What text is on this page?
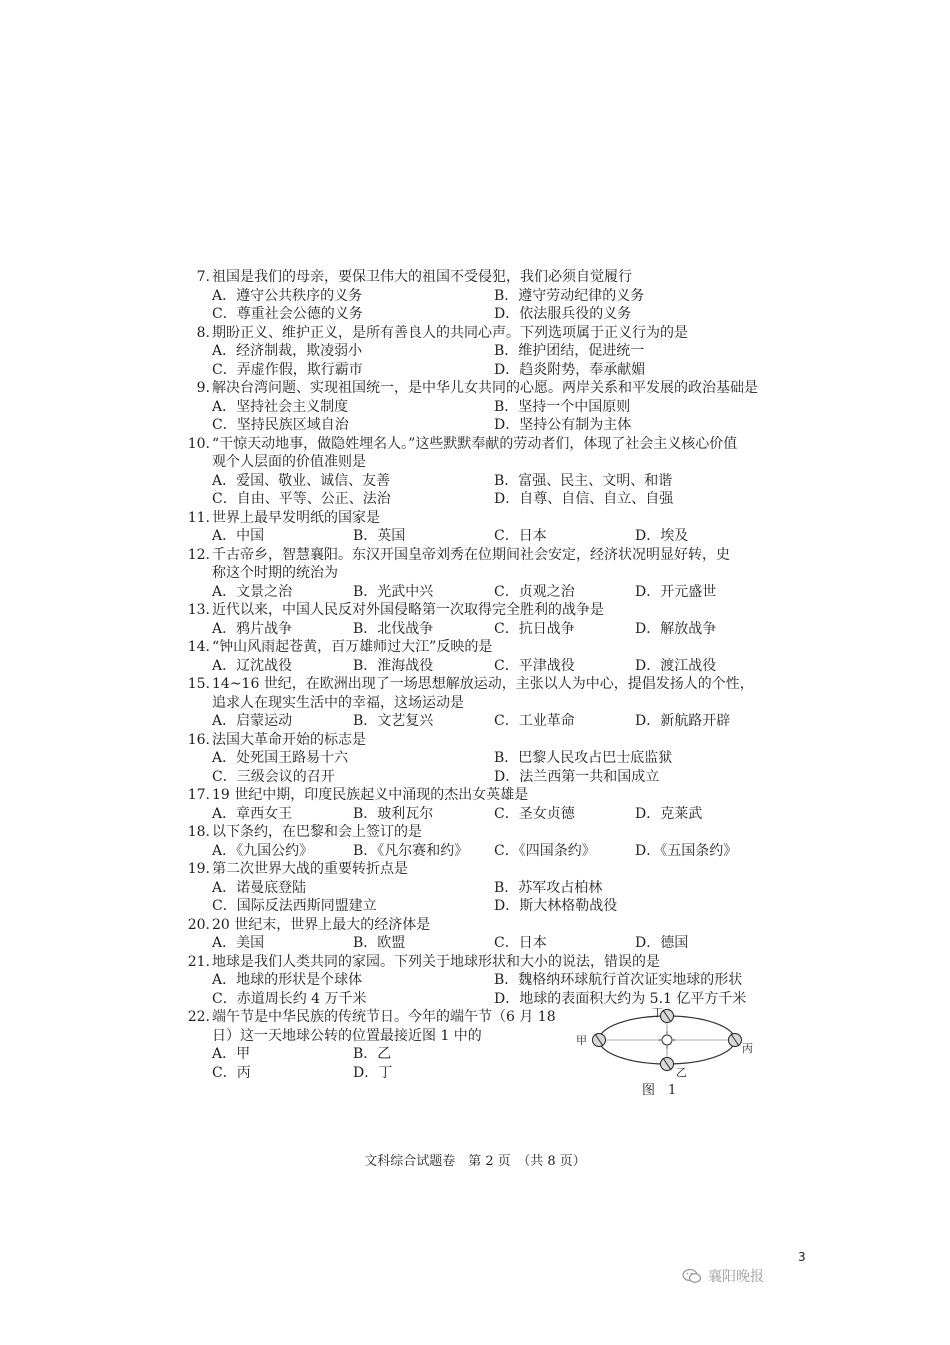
7. 祖国是我们的母亲，要保卫伟大的祖国不受侵犯，我们必须自觉履行
A．遵守公共秩序的义务	B．遵守劳动纪律的义务
C．尊重社会公德的义务	D．依法服兵役的义务
8. 期盼正义、维护正义，是所有善良人的共同心声。下列选项属于正义行为的是
A．经济制裁，欺凌弱小	B．维护团结，促进统一
C．弄虚作假，欺行霸市	D．趋炎附势，奉承献媚
9. 解决台湾问题、实现祖国统一，是中华儿女共同的心愿。两岸关系和平发展的政治基础是
A．坚持社会主义制度	B．坚持一个中国原则
C．坚持民族区域自治	D．坚持公有制为主体
10. “干惊天动地事，做隐姓埋名人。”这些默默奉献的劳动者们，体现了社会主义核心价值
观个人层面的价值准则是
A．爱国、敬业、诚信、友善	B．富强、民主、文明、和谐
C．自由、平等、公正、法治	D．自尊、自信、自立、自强
11. 世界上最早发明纸的国家是
A．中国	B．英国	C．日本	D．埃及
12. 千古帝乡，智慧襄阳。东汉开国皇帝刘秀在位期间社会安定，经济状况明显好转，史
称这个时期的统治为
A．文景之治	B．光武中兴	C．贞观之治	D．开元盛世
13. 近代以来，中国人民反对外国侵略第一次取得完全胜利的战争是
A．鸦片战争	B．北伐战争	C．抗日战争	D．解放战争
14. “钟山风雨起苍黄，百万雄师过大江”反映的是
A．辽沈战役	B．淮海战役	C．平津战役	D．渡江战役
15. 14~16 世纪，在欧洲出现了一场思想解放运动，主张以人为中心，提倡发扬人的个性，
追求人在现实生活中的幸福，这场运动是
A．启蒙运动	B．文艺复兴	C．工业革命	D．新航路开辟
16. 法国大革命开始的标志是
A．处死国王路易十六	B．巴黎人民攻占巴士底监狱
C．三级会议的召开	D．法兰西第一共和国成立
17. 19 世纪中期，印度民族起义中涌现的杰出女英雄是
A．章西女王	B．玻利瓦尔	C．圣女贞德	D．克莱武
18. 以下条约，在巴黎和会上签订的是
A．《九国公约》	B．《凡尔赛和约》	C．《四国条约》	D．《五国条约》
19. 第二次世界大战的重要转折点是
A．诺曼底登陆	B．苏军攻占柏林
C．国际反法西斯同盟建立	D．斯大林格勒战役
20. 20 世纪末，世界上最大的经济体是
A．美国	B．欧盟	C．日本	D．德国
21. 地球是我们人类共同的家园。下列关于地球形状和大小的说法，错误的是
A．地球的形状是个球体	B．魏格纳环球航行首次证实地球的形状
C．赤道周长约 4 万千米	D．地球的表面积大约为 5.1 亿平方千米
22. 端午节是中华民族的传统节日。今年的端午节（6 月 18
日）这一天地球公转的位置最接近图 1 中的
A．甲	B．乙
C．丙	D．丁
甲
丙
丁
乙
图　1
文科综合试题卷　第 2 页　（共 8 页）
3
襄阳晚报
